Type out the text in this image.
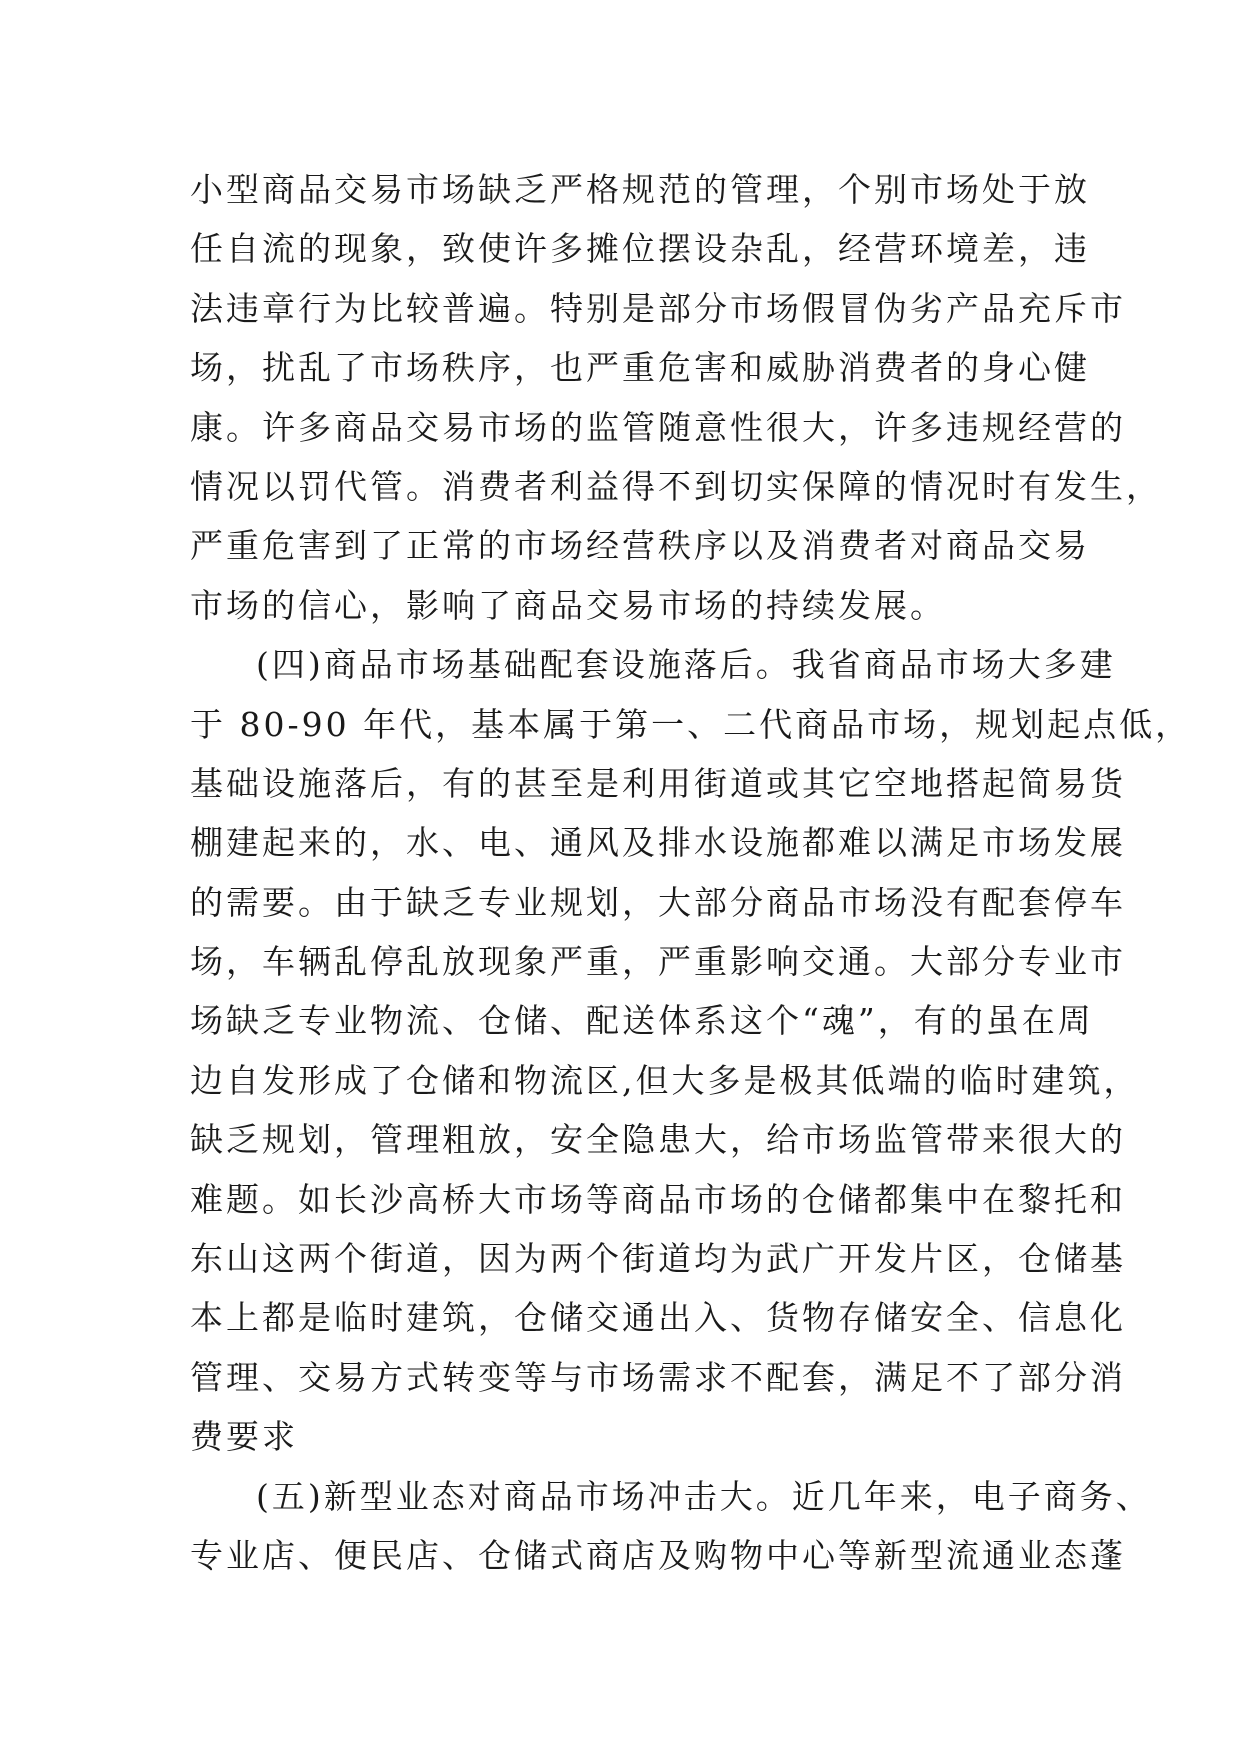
小型商品交易市场缺乏严格规范的管理，个别市场处于放
任自流的现象，致使许多摊位摆设杂乱，经营环境差，违
法违章行为比较普遍。特别是部分市场假冒伪劣产品充斥市
场，扰乱了市场秩序，也严重危害和威胁消费者的身心健
康。许多商品交易市场的监管随意性很大，许多违规经营的
情况以罚代管。消费者利益得不到切实保障的情况时有发生，
严重危害到了正常的市场经营秩序以及消费者对商品交易
市场的信心，影响了商品交易市场的持续发展。
(四)商品市场基础配套设施落后。我省商品市场大多建
于 80-90 年代，基本属于第一、二代商品市场，规划起点低，
基础设施落后，有的甚至是利用街道或其它空地搭起简易货
棚建起来的，水、电、通风及排水设施都难以满足市场发展
的需要。由于缺乏专业规划，大部分商品市场没有配套停车
场，车辆乱停乱放现象严重，严重影响交通。大部分专业市
场缺乏专业物流、仓储、配送体系这个“魂”，有的虽在周
边自发形成了仓储和物流区,但大多是极其低端的临时建筑，
缺乏规划，管理粗放，安全隐患大，给市场监管带来很大的
难题。如长沙高桥大市场等商品市场的仓储都集中在黎托和
东山这两个街道，因为两个街道均为武广开发片区，仓储基
本上都是临时建筑，仓储交通出入、货物存储安全、信息化
管理、交易方式转变等与市场需求不配套，满足不了部分消
费要求
(五)新型业态对商品市场冲击大。近几年来，电子商务、
专业店、便民店、仓储式商店及购物中心等新型流通业态蓬
